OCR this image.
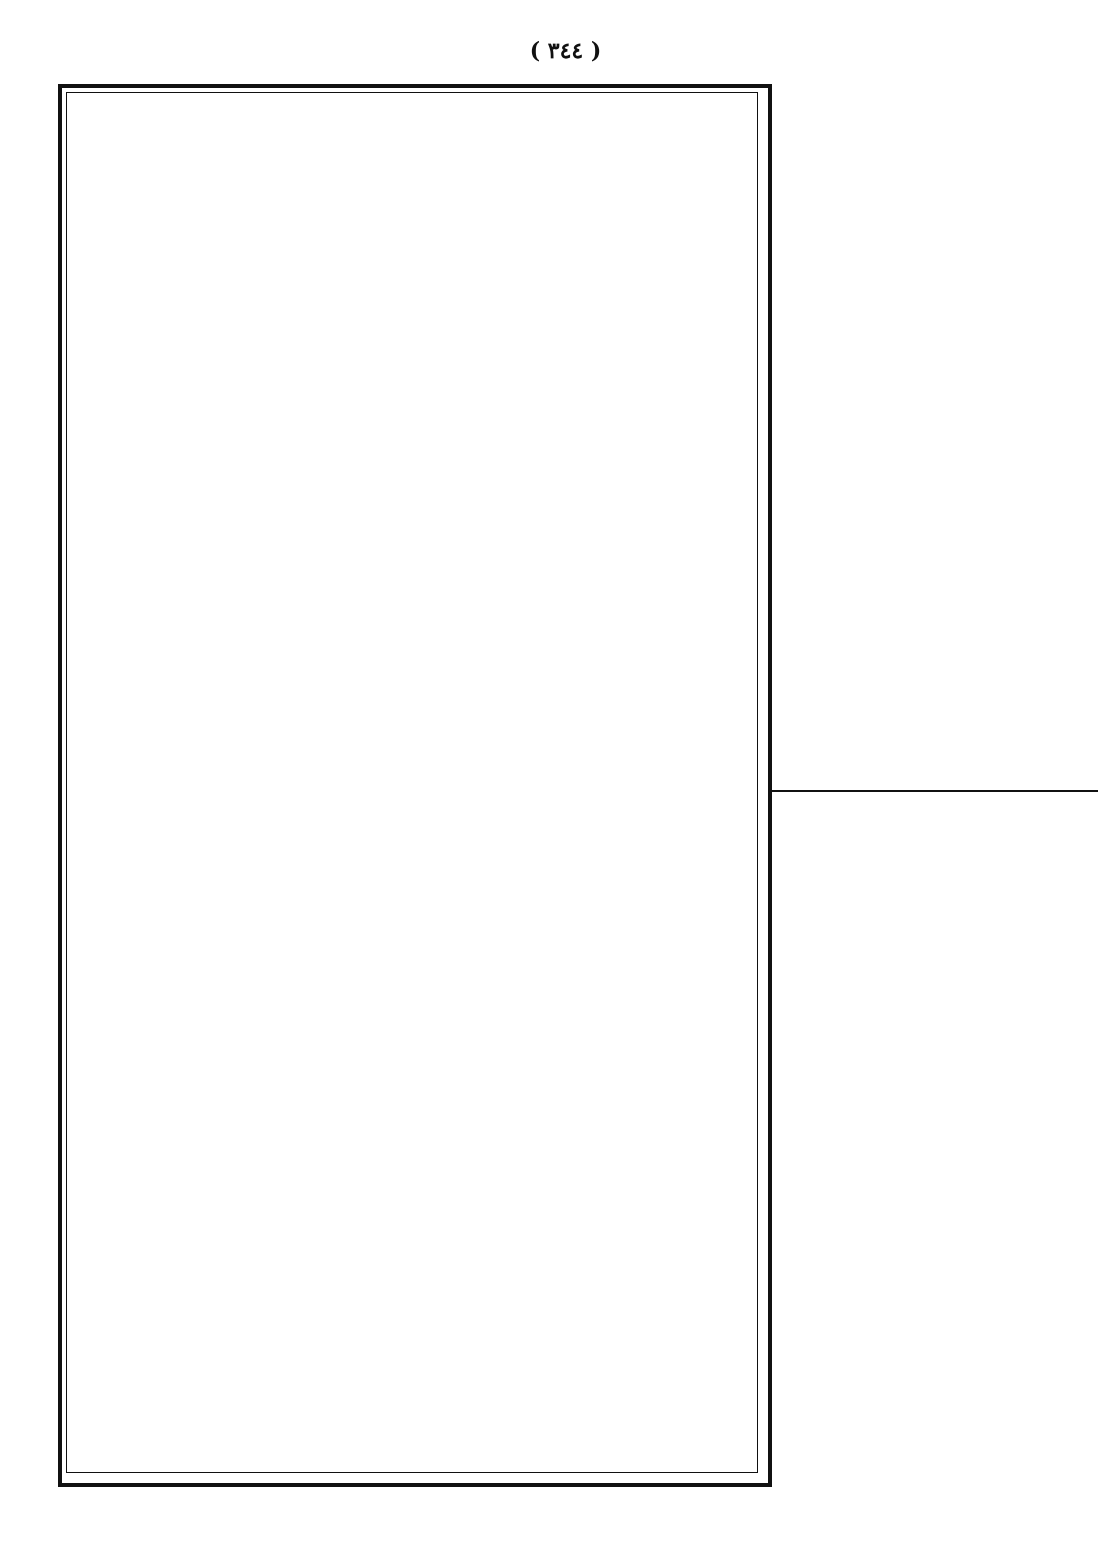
( ٣٤٤ )
